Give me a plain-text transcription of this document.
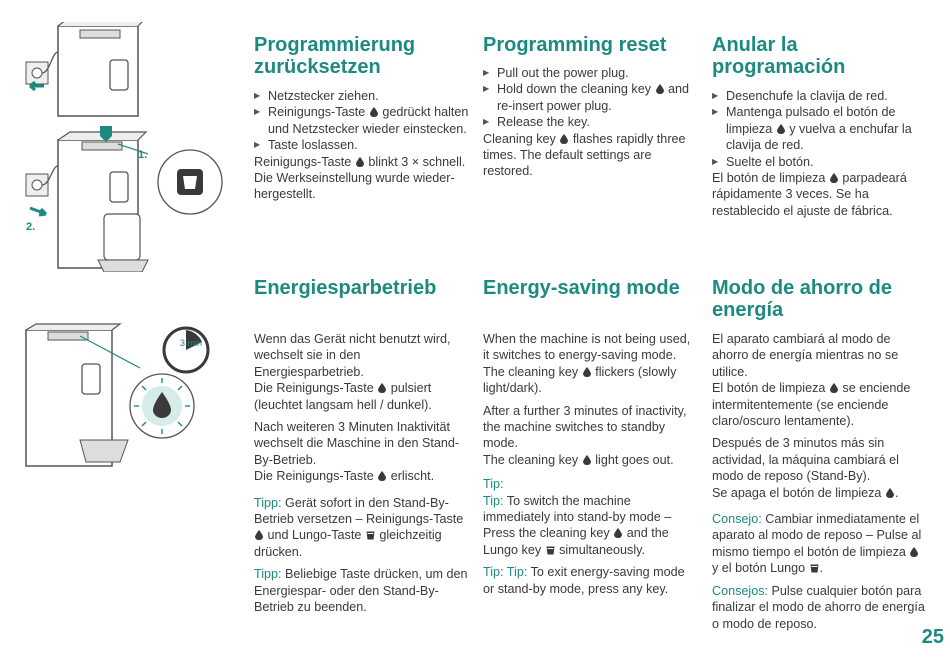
1.
2.
3 min
Programmierung
zurücksetzen
▶ Netzstecker ziehen.
▶ Reinigungs-Taste gedrückt halten und Netzstecker wieder einstecken.
▶ Taste loslassen.

Reinigungs-Taste blinkt 3 × schnell. Die Werkseinstellung wurde wieder-hergestellt.

Programming reset
▶ Pull out the power plug.
▶ Hold down the cleaning key and re-insert power plug.
▶ Release the key.

Cleaning key flashes rapidly three times. The default settings are restored.

Anular la
programación
▶ Desenchufe la clavija de red.
▶ Mantenga pulsado el botón de limpieza y vuelva a enchufar la clavija de red.
▶ Suelte el botón.

El botón de limpieza parpadeará rápidamente 3 veces. Se ha restablecido el ajuste de fábrica.

Energiesparbetrieb

Wenn das Gerät nicht benutzt wird, wechselt sie in den Energiesparbetrieb.

Die Reinigungs-Taste pulsiert (leuchtet langsam hell / dunkel).

Nach weiteren 3 Minuten Inaktivität wechselt die Maschine in den Stand-By-Betrieb.

Die Reinigungs-Taste erlischt.

Tipp: Gerät sofort in den Stand-By-Betrieb versetzen – Reinigungs-Taste  und Lungo-Taste gleichzeitig drücken.

Tipp: Beliebige Taste drücken, um den Energiespar- oder den Stand-By-Betrieb zu beenden.

Energy-saving mode

When the machine is not being used, it switches to energy-saving mode.

The cleaning key flickers (slowly light/dark).

After a further 3 minutes of inactivity, the machine switches to standby mode.

The cleaning key light goes out.

Tip:

Tip: To switch the machine immediately into stand-by mode – Press the cleaning key and the Lungo key simultaneously.

Tip: Tip: To exit energy-saving mode or stand-by mode, press any key.

Modo de ahorro de
energía

El aparato cambiará al modo de ahorro de energía mientras no se utilice.

El botón de limpieza se enciende intermitentemente (se enciende claro/oscuro lentamente).

Después de 3 minutos más sin actividad, la máquina cambiará el modo de reposo (Stand-By).

Se apaga el botón de limpieza .

Consejo: Cambiar inmediatamente el aparato al modo de reposo – Pulse al mismo tiempo el botón de limpieza  y el botón Lungo .

Consejos: Pulse cualquier botón para finalizar el modo de ahorro de energía o modo de reposo.

25
